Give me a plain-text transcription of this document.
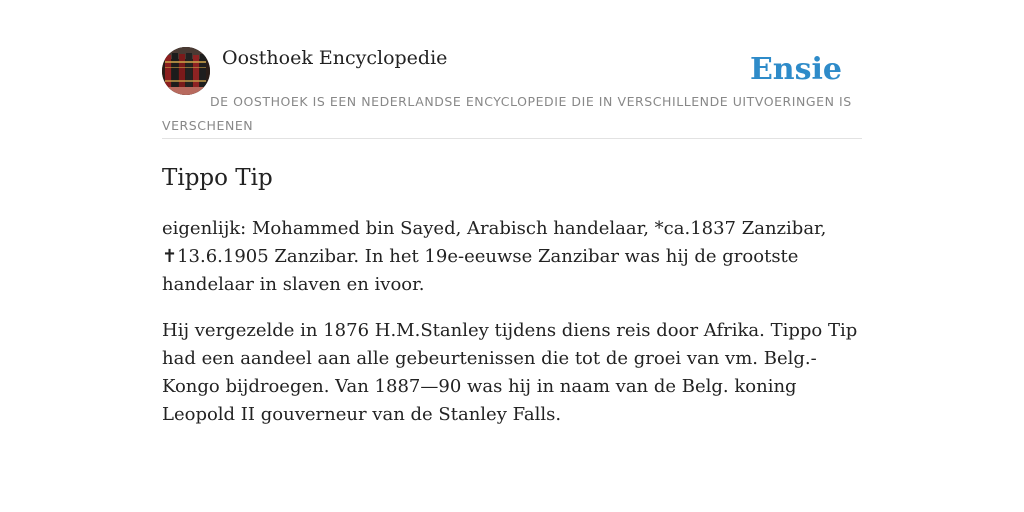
Oosthoek Encyclopedie	Ensie
DE OOSTHOEK IS EEN NEDERLANDSE ENCYCLOPEDIE DIE IN VERSCHILLENDE UITVOERINGEN IS VERSCHENEN
Tippo Tip

eigenlijk: Mohammed bin Sayed, Arabisch handelaar, *ca.1837 Zanzibar, ✝13.6.1905 Zanzibar. In het 19e-eeuwse Zanzibar was hij de grootste handelaar in slaven en ivoor.

Hij vergezelde in 1876 H.M.Stanley tijdens diens reis door Afrika. Tippo Tip had een aandeel aan alle gebeurtenissen die tot de groei van vm. Belg.-Kongo bijdroegen. Van 1887—90 was hij in naam van de Belg. koning Leopold II gouverneur van de Stanley Falls.
